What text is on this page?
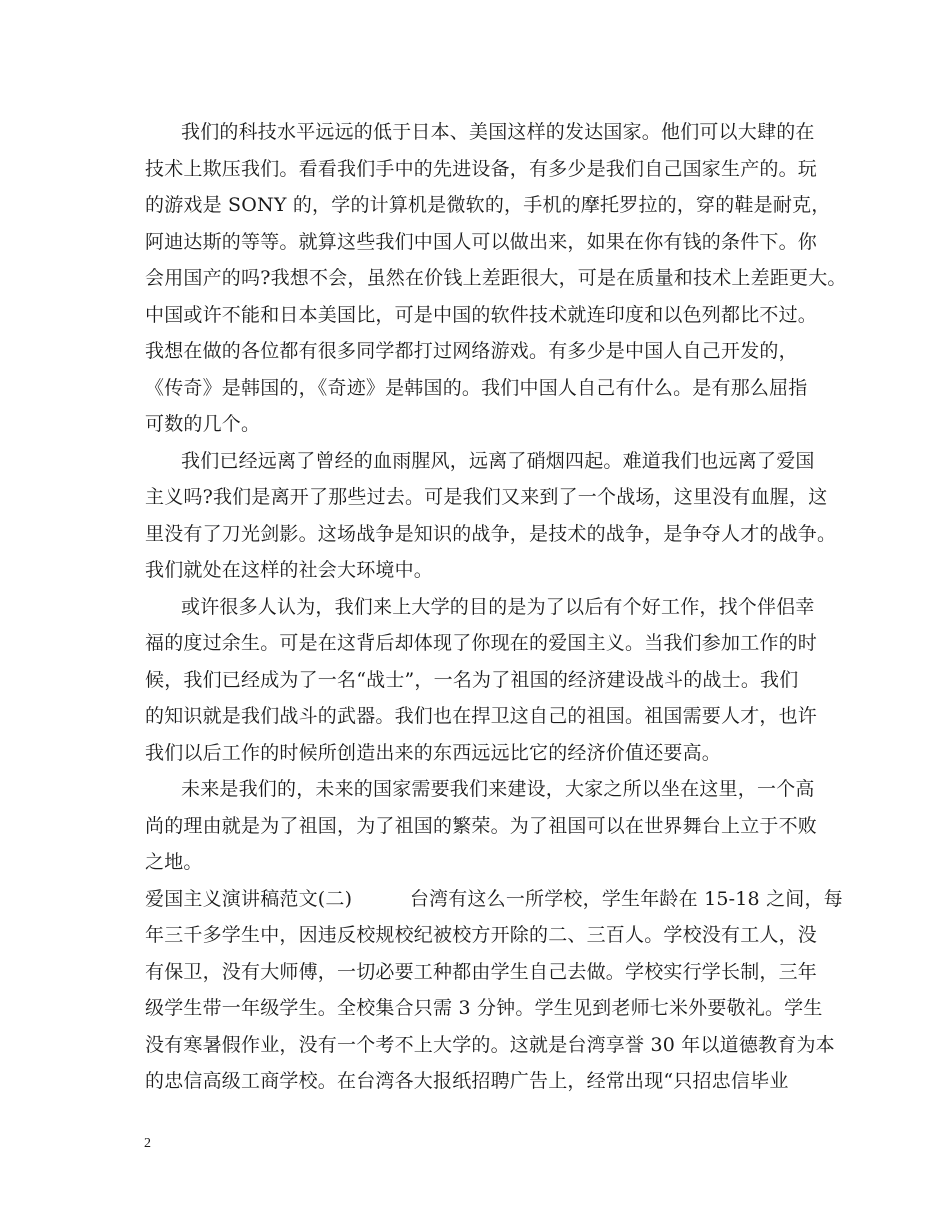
我们的科技水平远远的低于日本、美国这样的发达国家。他们可以大肆的在
技术上欺压我们。看看我们手中的先进设备，有多少是我们自己国家生产的。玩
的游戏是 SONY 的，学的计算机是微软的，手机的摩托罗拉的，穿的鞋是耐克，
阿迪达斯的等等。就算这些我们中国人可以做出来，如果在你有钱的条件下。你
会用国产的吗?我想不会，虽然在价钱上差距很大，可是在质量和技术上差距更大。
中国或许不能和日本美国比，可是中国的软件技术就连印度和以色列都比不过。
我想在做的各位都有很多同学都打过网络游戏。有多少是中国人自己开发的，
《传奇》是韩国的，《奇迹》是韩国的。我们中国人自己有什么。是有那么屈指
可数的几个。
我们已经远离了曾经的血雨腥风，远离了硝烟四起。难道我们也远离了爱国
主义吗?我们是离开了那些过去。可是我们又来到了一个战场，这里没有血腥，这
里没有了刀光剑影。这场战争是知识的战争，是技术的战争，是争夺人才的战争。
我们就处在这样的社会大环境中。
或许很多人认为，我们来上大学的目的是为了以后有个好工作，找个伴侣幸
福的度过余生。可是在这背后却体现了你现在的爱国主义。当我们参加工作的时
候，我们已经成为了一名“战士”，一名为了祖国的经济建设战斗的战士。我们
的知识就是我们战斗的武器。我们也在捍卫这自己的祖国。祖国需要人才，也许
我们以后工作的时候所创造出来的东西远远比它的经济价值还要高。
未来是我们的，未来的国家需要我们来建设，大家之所以坐在这里，一个高
尚的理由就是为了祖国，为了祖国的繁荣。为了祖国可以在世界舞台上立于不败
之地。
爱国主义演讲稿范文(二)　　　台湾有这么一所学校，学生年龄在 15-18 之间，每
年三千多学生中，因违反校规校纪被校方开除的二、三百人。学校没有工人，没
有保卫，没有大师傅，一切必要工种都由学生自己去做。学校实行学长制，三年
级学生带一年级学生。全校集合只需 3 分钟。学生见到老师七米外要敬礼。学生
没有寒暑假作业，没有一个考不上大学的。这就是台湾享誉 30 年以道德教育为本
的忠信高级工商学校。在台湾各大报纸招聘广告上，经常出现“只招忠信毕业
2
